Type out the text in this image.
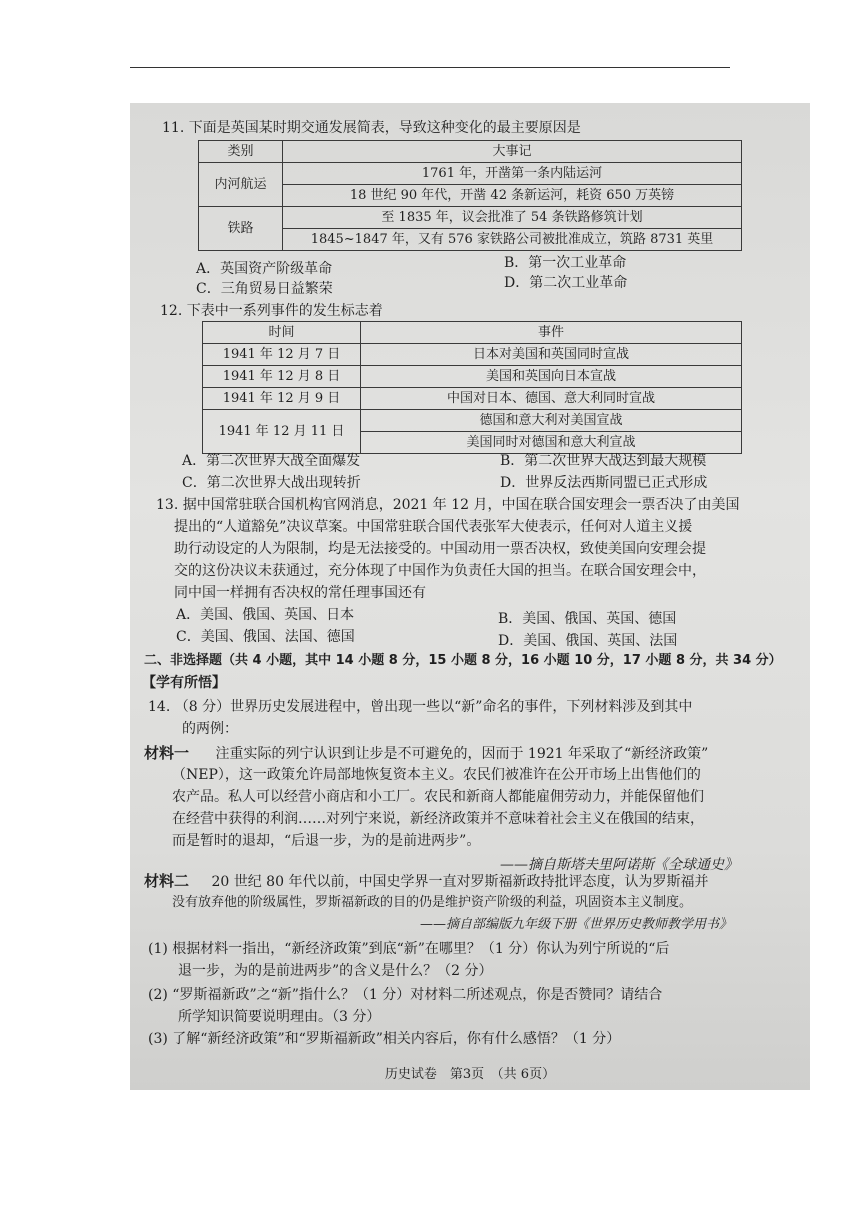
11. 下面是英国某时期交通发展简表，导致这种变化的最主要原因是
类别	大事记
内河航运	1761 年，开凿第一条内陆运河
	18 世纪 90 年代，开凿 42 条新运河，耗资 650 万英镑
铁路	至 1835 年，议会批准了 54 条铁路修筑计划
	1845~1847 年，又有 576 家铁路公司被批准成立，筑路 8731 英里
A．英国资产阶级革命	B．第一次工业革命
C．三角贸易日益繁荣	D．第二次工业革命
12. 下表中一系列事件的发生标志着
时间	事件
1941 年 12 月 7 日	日本对美国和英国同时宣战
1941 年 12 月 8 日	美国和英国向日本宣战
1941 年 12 月 9 日	中国对日本、德国、意大利同时宣战
1941 年 12 月 11 日	德国和意大利对美国宣战
	美国同时对德国和意大利宣战
A．第二次世界大战全面爆发	B．第二次世界大战达到最大规模
C．第二次世界大战出现转折	D．世界反法西斯同盟已正式形成
13. 据中国常驻联合国机构官网消息，2021 年 12 月，中国在联合国安理会一票否决了由美国
提出的“人道豁免”决议草案。中国常驻联合国代表张军大使表示，任何对人道主义援
助行动设定的人为限制，均是无法接受的。中国动用一票否决权，致使美国向安理会提
交的这份决议未获通过，充分体现了中国作为负责任大国的担当。在联合国安理会中，
同中国一样拥有否决权的常任理事国还有
A．美国、俄国、英国、日本	B．美国、俄国、英国、德国
C．美国、俄国、法国、德国	D．美国、俄国、英国、法国
二、非选择题（共 4 小题，其中 14 小题 8 分，15 小题 8 分，16 小题 10 分，17 小题 8 分，共 34 分）
【学有所悟】
14. （8 分）世界历史发展进程中，曾出现一些以“新”命名的事件，下列材料涉及到其中
的两例：
材料一 注重实际的列宁认识到让步是不可避免的，因而于 1921 年采取了“新经济政策”
（NEP），这一政策允许局部地恢复资本主义。农民们被准许在公开市场上出售他们的
农产品。私人可以经营小商店和小工厂。农民和新商人都能雇佣劳动力，并能保留他们
在经营中获得的利润……对列宁来说，新经济政策并不意味着社会主义在俄国的结束，
而是暂时的退却，“后退一步，为的是前进两步”。
——摘自斯塔夫里阿诺斯《全球通史》
材料二 20 世纪 80 年代以前，中国史学界一直对罗斯福新政持批评态度，认为罗斯福并
没有放弃他的阶级属性，罗斯福新政的目的仍是维护资产阶级的利益，巩固资本主义制度。
——摘自部编版九年级下册《世界历史教师教学用书》
(1) 根据材料一指出，“新经济政策”到底“新”在哪里？（1 分）你认为列宁所说的“后
退一步，为的是前进两步”的含义是什么？（2 分）
(2) “罗斯福新政”之“新”指什么？（1 分）对材料二所述观点，你是否赞同？请结合
所学知识简要说明理由。（3 分）
(3) 了解“新经济政策”和“罗斯福新政”相关内容后，你有什么感悟？（1 分）
历史试卷　第3页　（共 6页）
